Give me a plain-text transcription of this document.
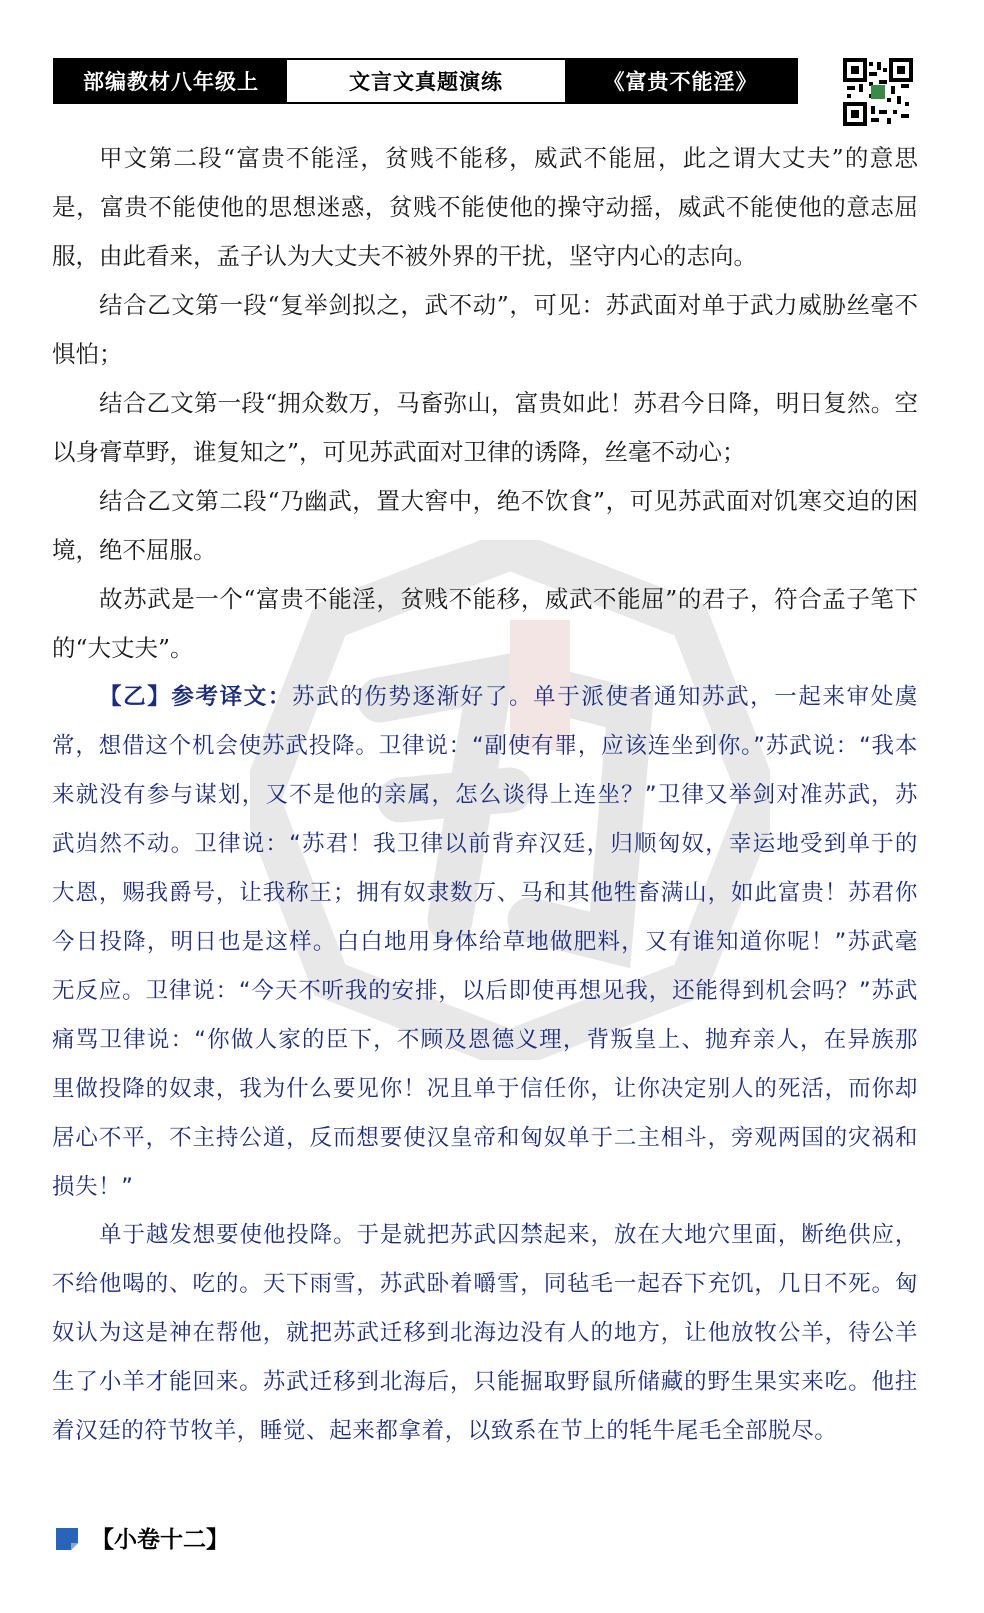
部编教材八年级上	文言文真题演练	《富贵不能淫》

甲文第二段“富贵不能淫，贫贱不能移，威武不能屈，此之谓大丈夫”的意思是，富贵不能使他的思想迷惑，贫贱不能使他的操守动摇，威武不能使他的意志屈服，由此看来，孟子认为大丈夫不被外界的干扰，坚守内心的志向。

结合乙文第一段“复举剑拟之，武不动”，可见：苏武面对单于武力威胁丝毫不惧怕；

结合乙文第一段“拥众数万，马畜弥山，富贵如此！苏君今日降，明日复然。空以身膏草野，谁复知之”，可见苏武面对卫律的诱降，丝毫不动心；

结合乙文第二段“乃幽武，置大窖中，绝不饮食”，可见苏武面对饥寒交迫的困境，绝不屈服。

故苏武是一个“富贵不能淫，贫贱不能移，威武不能屈”的君子，符合孟子笔下的“大丈夫”。

【乙】参考译文：苏武的伤势逐渐好了。单于派使者通知苏武，一起来审处虞常，想借这个机会使苏武投降。卫律说：“副使有罪，应该连坐到你。”苏武说：“我本来就没有参与谋划，又不是他的亲属，怎么谈得上连坐？”卫律又举剑对准苏武，苏武岿然不动。卫律说：“苏君！我卫律以前背弃汉廷，归顺匈奴，幸运地受到单于的大恩，赐我爵号，让我称王；拥有奴隶数万、马和其他牲畜满山，如此富贵！苏君你今日投降，明日也是这样。白白地用身体给草地做肥料，又有谁知道你呢！”苏武毫无反应。卫律说：“今天不听我的安排，以后即使再想见我，还能得到机会吗？”苏武痛骂卫律说：“你做人家的臣下，不顾及恩德义理，背叛皇上、抛弃亲人，在异族那里做投降的奴隶，我为什么要见你！况且单于信任你，让你决定别人的死活，而你却居心不平，不主持公道，反而想要使汉皇帝和匈奴单于二主相斗，旁观两国的灾祸和损失！”

单于越发想要使他投降。于是就把苏武囚禁起来，放在大地穴里面，断绝供应，不给他喝的、吃的。天下雨雪，苏武卧着嚼雪，同毡毛一起吞下充饥，几日不死。匈奴认为这是神在帮他，就把苏武迁移到北海边没有人的地方，让他放牧公羊，待公羊生了小羊才能回来。苏武迁移到北海后，只能掘取野鼠所储藏的野生果实来吃。他拄着汉廷的符节牧羊，睡觉、起来都拿着，以致系在节上的牦牛尾毛全部脱尽。

【小卷十二】
